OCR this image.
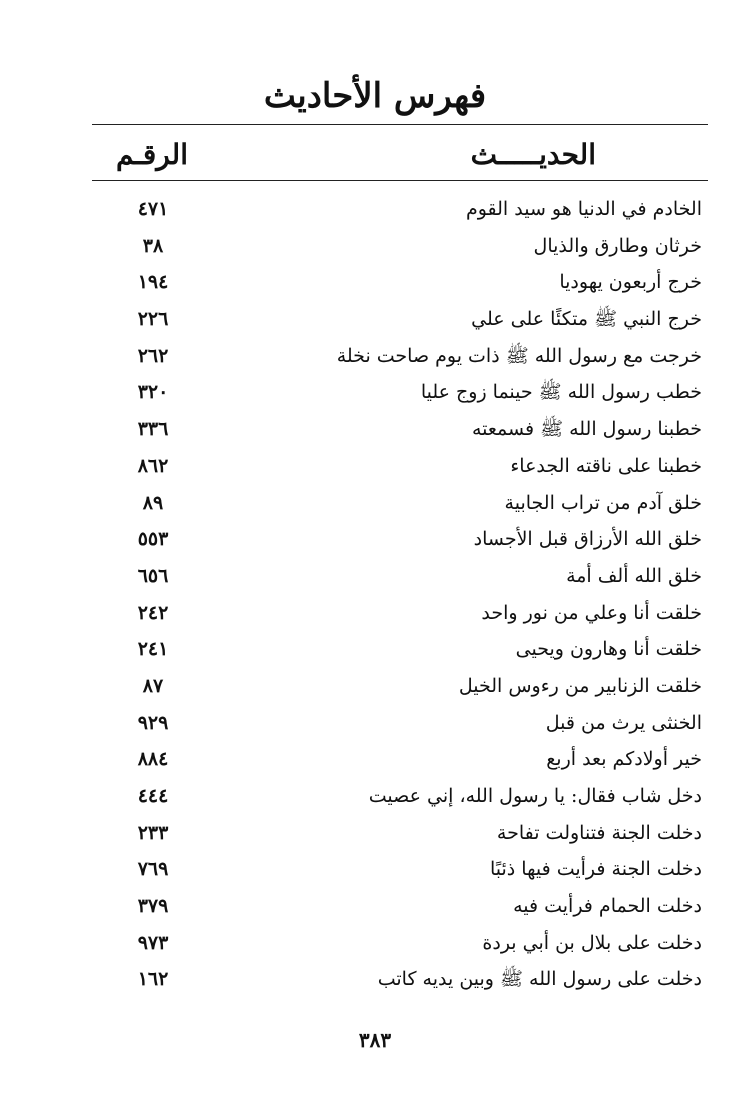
فهرس الأحاديث
الحديـــــث
الرقـم
الخادم في الدنيا هو سيد القوم
٤٧١
خرثان وطارق والذيال
٣٨
خرج أربعون يهوديا
١٩٤
خرج النبي ﷺ متكئًا على علي
٢٢٦
خرجت مع رسول الله ﷺ ذات يوم صاحت نخلة
٢٦٢
خطب رسول الله ﷺ حينما زوج عليا
٣٢٠
خطبنا رسول الله ﷺ فسمعته
٣٣٦
خطبنا على ناقته الجدعاء
٨٦٢
خلق آدم من تراب الجابية
٨٩
خلق الله الأرزاق قبل الأجساد
٥٥٣
خلق الله ألف أمة
٦٥٦
خلقت أنا وعلي من نور واحد
٢٤٢
خلقت أنا وهارون ويحيى
٢٤١
خلقت الزنابير من رءوس الخيل
٨٧
الخنثى يرث من قبل
٩٢٩
خير أولادكم بعد أربع
٨٨٤
دخل شاب فقال: يا رسول الله، إني عصيت
٤٤٤
دخلت الجنة فتناولت تفاحة
٢٣٣
دخلت الجنة فرأيت فيها ذئبًا
٧٦٩
دخلت الحمام فرأيت فيه
٣٧٩
دخلت على بلال بن أبي بردة
٩٧٣
دخلت على رسول الله ﷺ وبين يديه كاتب
١٦٢
٣٨٣
